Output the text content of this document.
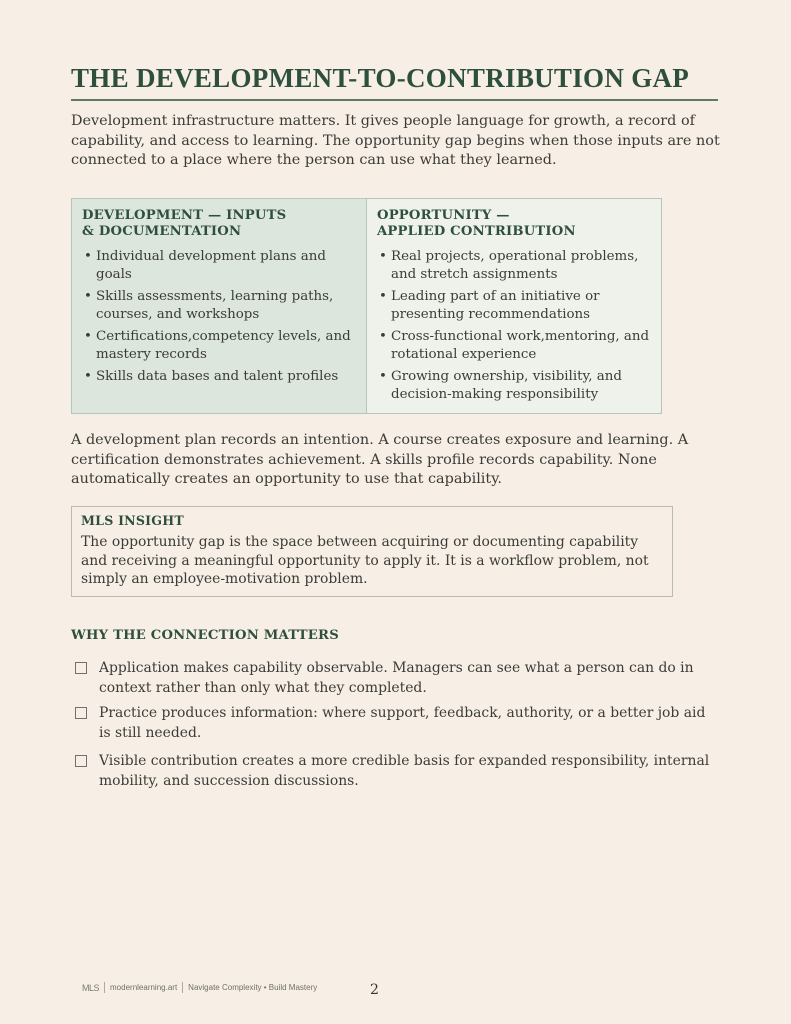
THE DEVELOPMENT-TO-CONTRIBUTION GAP
Development infrastructure matters. It gives people language for growth, a record of capability, and access to learning. The opportunity gap begins when those inputs are not connected to a place where the person can use what they learned.
DEVELOPMENT — INPUTS
& DOCUMENTATION
• Individual development plans and goals
• Skills assessments, learning paths, courses, and workshops
• Certifications,competency levels, and mastery records
• Skills data bases and talent profiles
OPPORTUNITY —
APPLIED CONTRIBUTION
• Real projects, operational problems, and stretch assignments
• Leading part of an initiative or presenting recommendations
• Cross-functional work,mentoring, and rotational experience
• Growing ownership, visibility, and decision-making responsibility
A development plan records an intention. A course creates exposure and learning. A certification demonstrates achievement. A skills profile records capability. None automatically creates an opportunity to use that capability.
MLS INSIGHT
The opportunity gap is the space between acquiring or documenting capability and receiving a meaningful opportunity to apply it. It is a workflow problem, not simply an employee-motivation problem.
WHY THE CONNECTION MATTERS
Application makes capability observable. Managers can see what a person can do in context rather than only what they completed.
Practice produces information: where support, feedback, authority, or a better job aid is still needed.
Visible contribution creates a more credible basis for expanded responsibility, internal mobility, and succession discussions.
MLS modernlearning.art Navigate Complexity • Build Mastery	2
